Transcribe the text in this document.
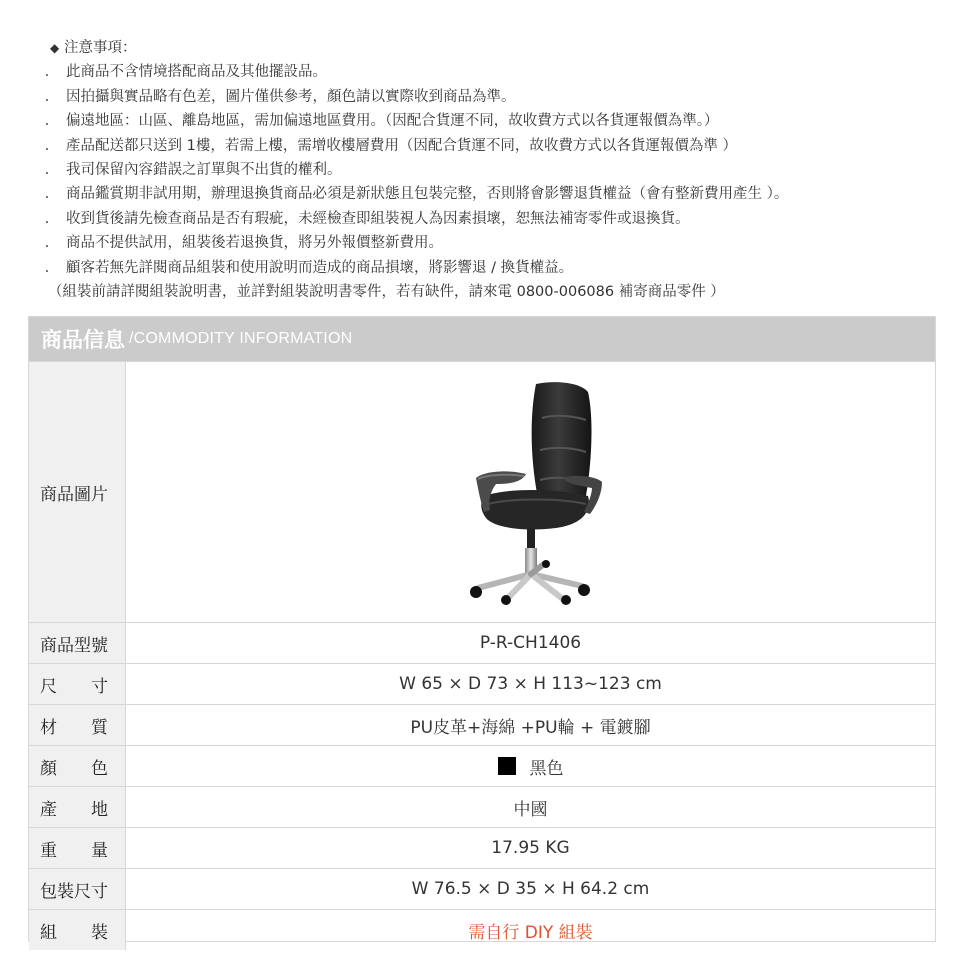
◆ 注意事項：
． 此商品不含情境搭配商品及其他擺設品。
． 因拍攝與實品略有色差，圖片僅供參考，顏色請以實際收到商品為準。
． 偏遠地區：山區、離島地區，需加偏遠地區費用。（因配合貨運不同，故收費方式以各貨運報價為準。）
． 產品配送都只送到 1樓，若需上樓，需增收樓層費用（因配合貨運不同，故收費方式以各貨運報價為準 ）
． 我司保留內容錯誤之訂單與不出貨的權利。
． 商品鑑賞期非試用期，辦理退換貨商品必須是新狀態且包裝完整，否則將會影響退貨權益（會有整新費用產生 ）。
． 收到貨後請先檢查商品是否有瑕疵，未經檢查即組裝視人為因素損壞，恕無法補寄零件或退換貨。
． 商品不提供試用，組裝後若退換貨，將另外報價整新費用。
． 顧客若無先詳閱商品組裝和使用說明而造成的商品損壞，將影響退 / 換貨權益。
（組裝前請詳閱組裝說明書，並詳對組裝說明書零件，若有缺件，請來電 0800-006086 補寄商品零件 ）
商品信息 /COMMODITY INFORMATION
商品圖片
商品型號	P-R-CH1406
尺　　寸	W 65 × D 73 × H 113~123 cm
材　　質	PU皮革+海綿 +PU輪 + 電鍍腳
顏　　色	黑色
產　　地	中國
重　　量	17.95 KG
包裝尺寸	W 76.5 × D 35 × H 64.2 cm
組　　裝	需自行 DIY 組裝
